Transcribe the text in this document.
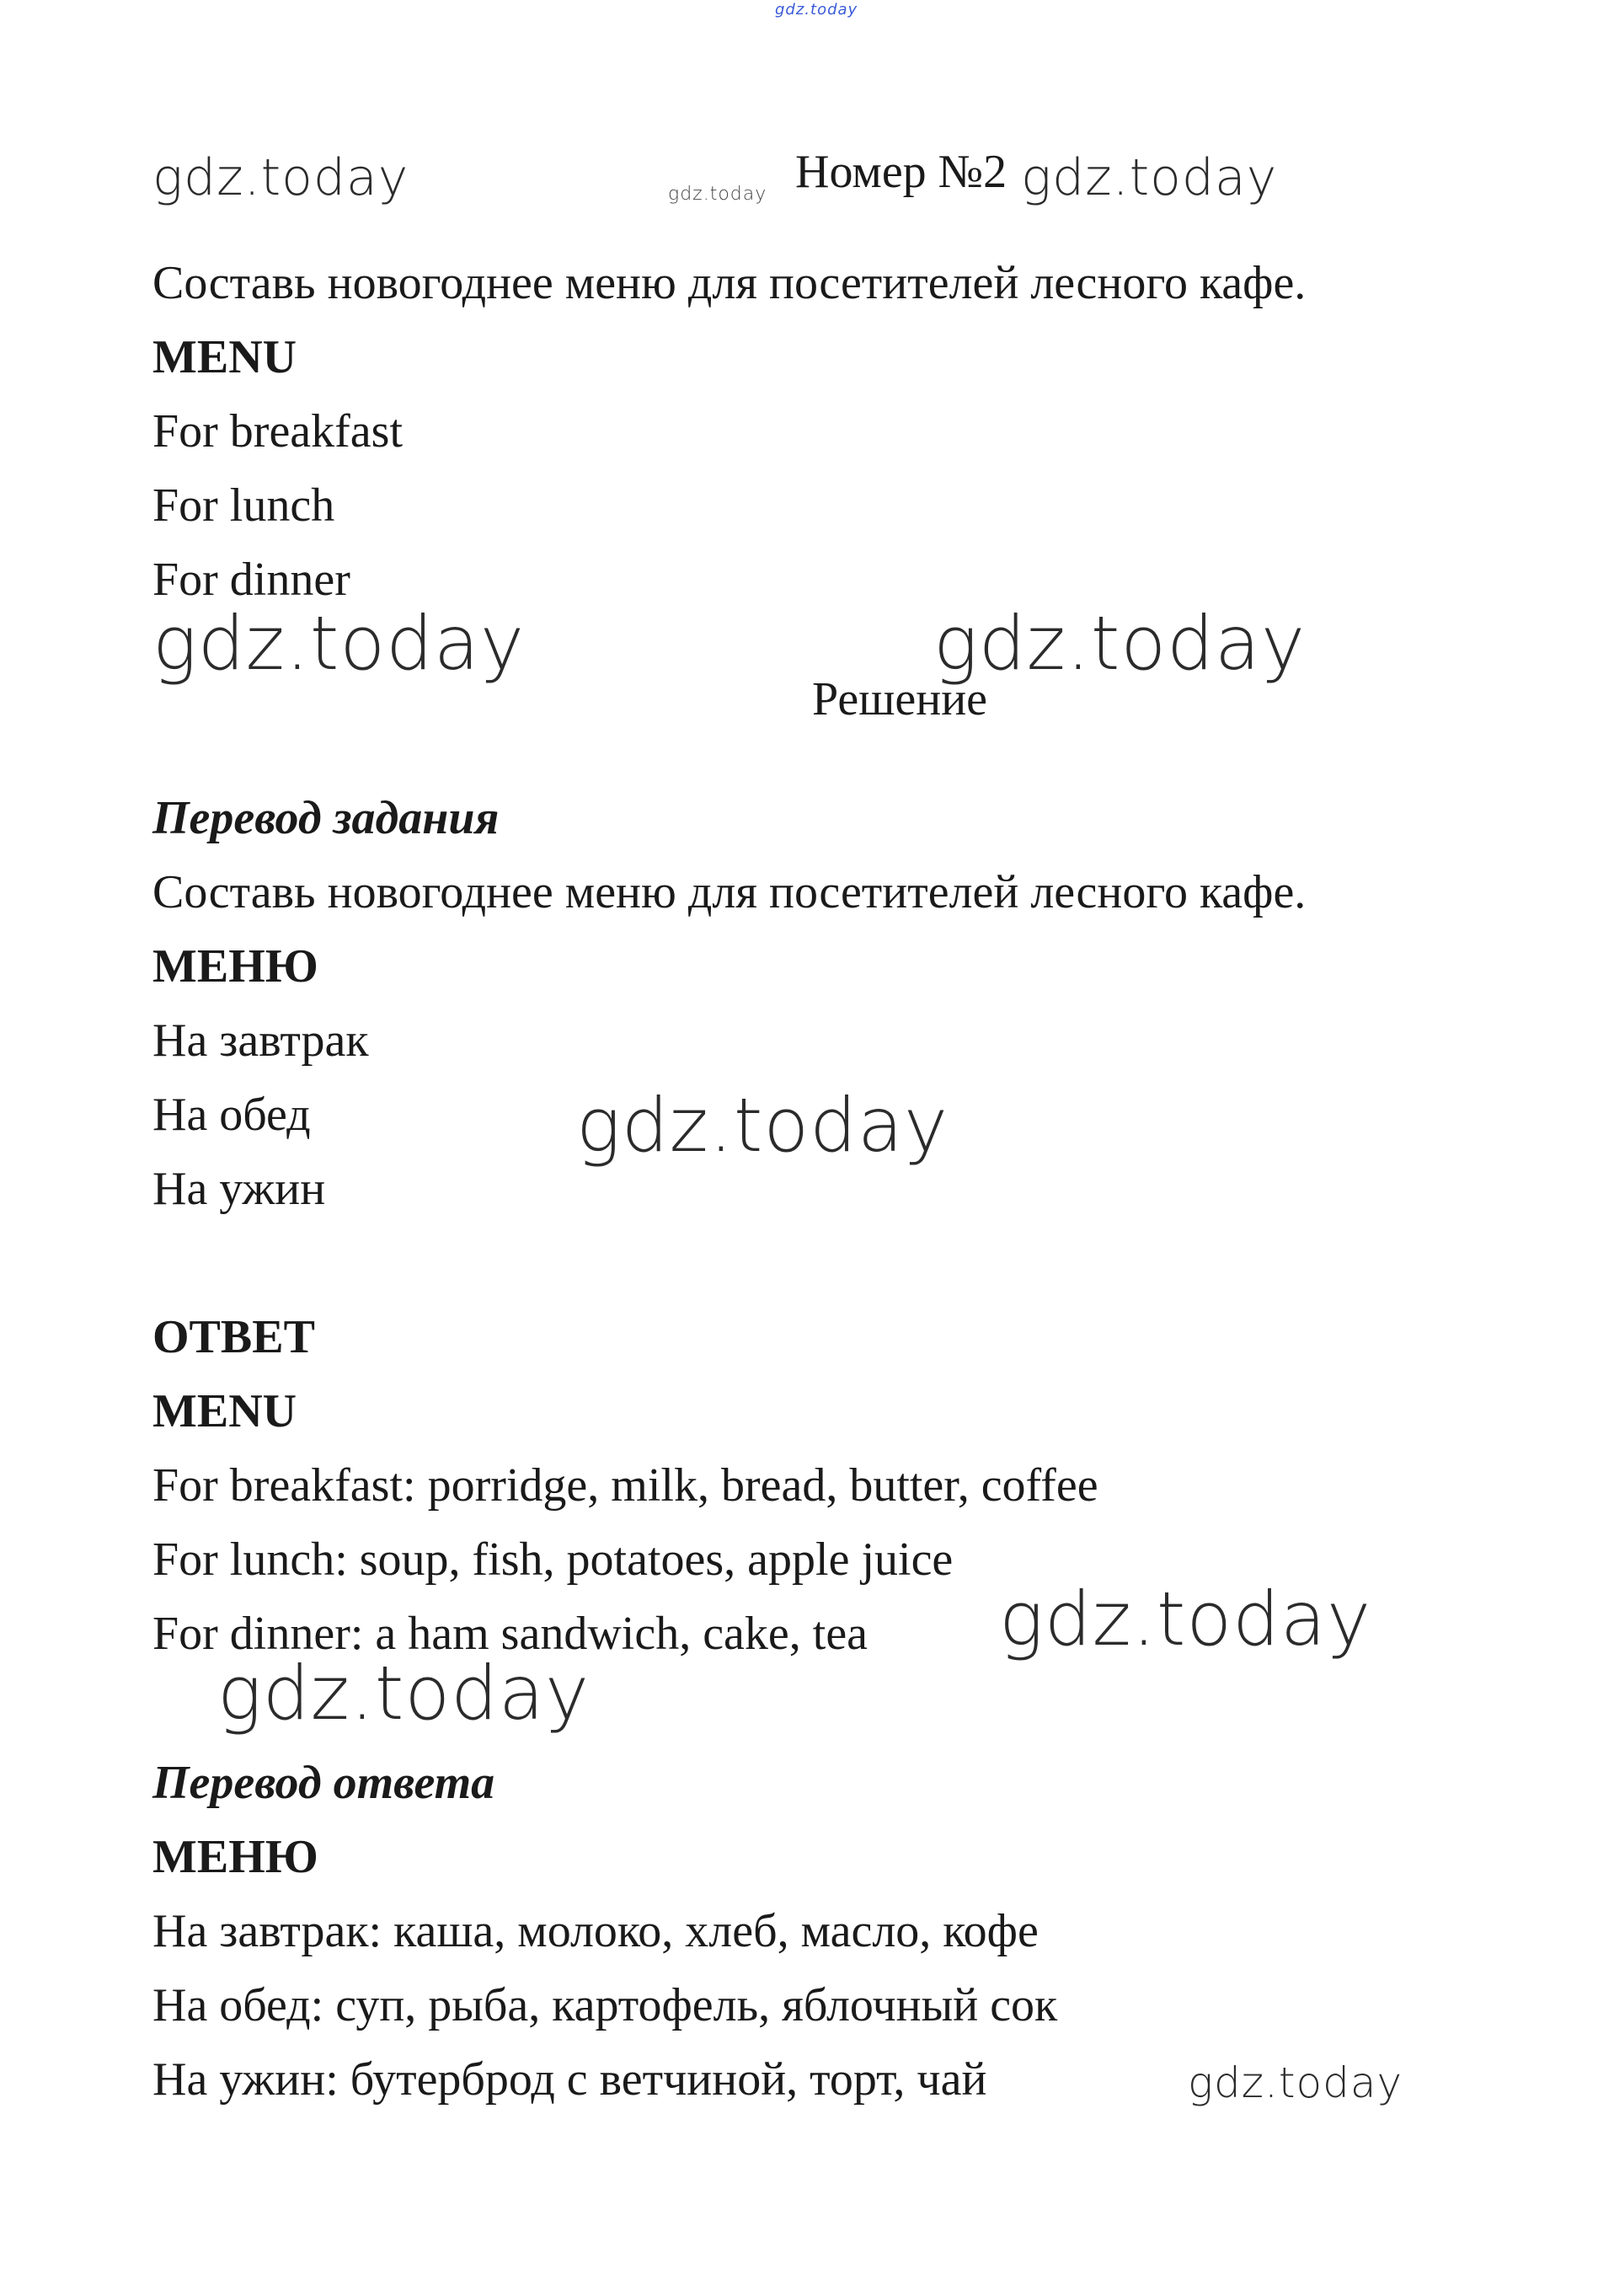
gdz.today
gdz.today	gdz.today	gdz.today
gdz.today	gdz.today
gdz.today
gdz.today
gdz.today
gdz.today
Номер №2
Составь новогоднее меню для посетителей лесного кафе.
MENU
For breakfast
For lunch
For dinner
Решение
Перевод задания
Составь новогоднее меню для посетителей лесного кафе.
МЕНЮ
На завтрак
На обед
На ужин
ОТВЕТ
MENU
For breakfast: porridge, milk, bread, butter, coffee
For lunch: soup, fish, potatoes, apple juice
For dinner: a ham sandwich, cake, tea
Перевод ответа
МЕНЮ
На завтрак: каша, молоко, хлеб, масло, кофе
На обед: суп, рыба, картофель, яблочный сок
На ужин: бутерброд с ветчиной, торт, чай
